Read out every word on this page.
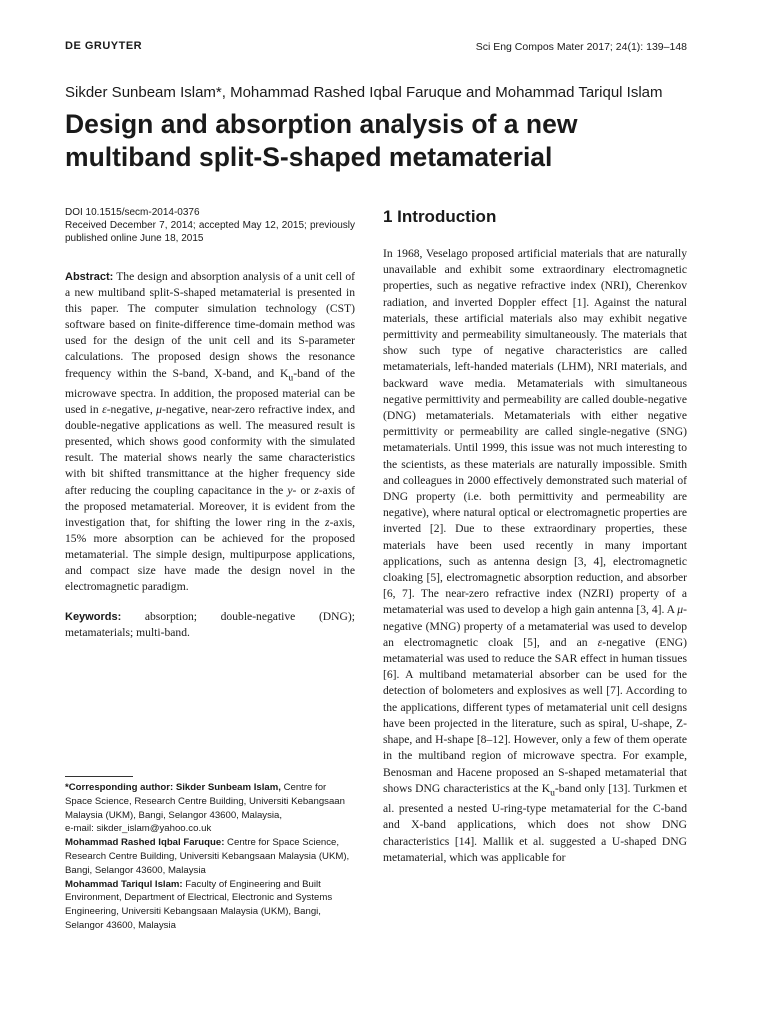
DE GRUYTER	Sci Eng Compos Mater 2017; 24(1): 139–148
Sikder Sunbeam Islam*, Mohammad Rashed Iqbal Faruque and Mohammad Tariqul Islam
Design and absorption analysis of a new multiband split-S-shaped metamaterial
DOI 10.1515/secm-2014-0376
Received December 7, 2014; accepted May 12, 2015; previously published online June 18, 2015

Abstract: The design and absorption analysis of a unit cell of a new multiband split-S-shaped metamaterial is presented in this paper. The computer simulation technology (CST) software based on finite-difference time-domain method was used for the design of the unit cell and its S-parameter calculations. The proposed design shows the resonance frequency within the S-band, X-band, and $K_u$-band of the microwave spectra. In addition, the proposed material can be used in ε-negative, μ-negative, near-zero refractive index, and double-negative applications as well. The measured result is presented, which shows good conformity with the simulated result. The material shows nearly the same characteristics with bit shifted transmittance at the higher frequency side after reducing the coupling capacitance in the y- or z-axis of the proposed metamaterial. Moreover, it is evident from the investigation that, for shifting the lower ring in the z-axis, 15% more absorption can be achieved for the proposed metamaterial. The simple design, multipurpose applications, and compact size have made the design novel in the electromagnetic paradigm.

Keywords: absorption; double-negative (DNG); metamaterials; multi-band.

*Corresponding author: Sikder Sunbeam Islam, Centre for Space Science, Research Centre Building, Universiti Kebangsaan Malaysia (UKM), Bangi, Selangor 43600, Malaysia,

e-mail: sikder_islam@yahoo.co.uk

Mohammad Rashed Iqbal Faruque: Centre for Space Science, Research Centre Building, Universiti Kebangsaan Malaysia (UKM), Bangi, Selangor 43600, Malaysia

Mohammad Tariqul Islam: Faculty of Engineering and Built Environment, Department of Electrical, Electronic and Systems Engineering, Universiti Kebangsaan Malaysia (UKM), Bangi, Selangor 43600, Malaysia

1 Introduction

In 1968, Veselago proposed artificial materials that are naturally unavailable and exhibit some extraordinary electromagnetic properties, such as negative refractive index (NRI), Cherenkov radiation, and inverted Doppler effect [1]. Against the natural materials, these artificial materials also may exhibit negative permittivity and permeability simultaneously. The materials that show such type of negative characteristics are called metamaterials, left-handed materials (LHM), NRI materials, and backward wave media. Metamaterials with simultaneous negative permittivity and permeability are called double-negative (DNG) metamaterials. Metamaterials with either negative permittivity or permeability are called single-negative (SNG) metamaterials. Until 1999, this issue was not much interesting to the scientists, as these materials are naturally impossible. Smith and colleagues in 2000 effectively demonstrated such material of DNG property (i.e. both permittivity and permeability are negative), where natural optical or electromagnetic properties are inverted [2]. Due to these extraordinary properties, these materials have been used recently in many important applications, such as antenna design [3, 4], electromagnetic cloaking [5], electromagnetic absorption reduction, and absorber [6, 7]. The near-zero refractive index (NZRI) property of a metamaterial was used to develop a high gain antenna [3, 4]. A μ-negative (MNG) property of a metamaterial was used to develop an electromagnetic cloak [5], and an ε-negative (ENG) metamaterial was used to reduce the SAR effect in human tissues [6]. A multiband metamaterial absorber can be used for the detection of bolometers and explosives as well [7]. According to the applications, different types of metamaterial unit cell designs have been projected in the literature, such as spiral, U-shape, Z-shape, and H-shape [8–12]. However, only a few of them operate in the multiband region of microwave spectra. For example, Benosman and Hacene proposed an S-shaped metamaterial that shows DNG characteristics at the $K_u$-band only [13]. Turkmen et al. presented a nested U-ring-type metamaterial for the C-band and X-band applications, which does not show DNG characteristics [14]. Mallik et al. suggested a U-shaped DNG metamaterial, which was applicable for
